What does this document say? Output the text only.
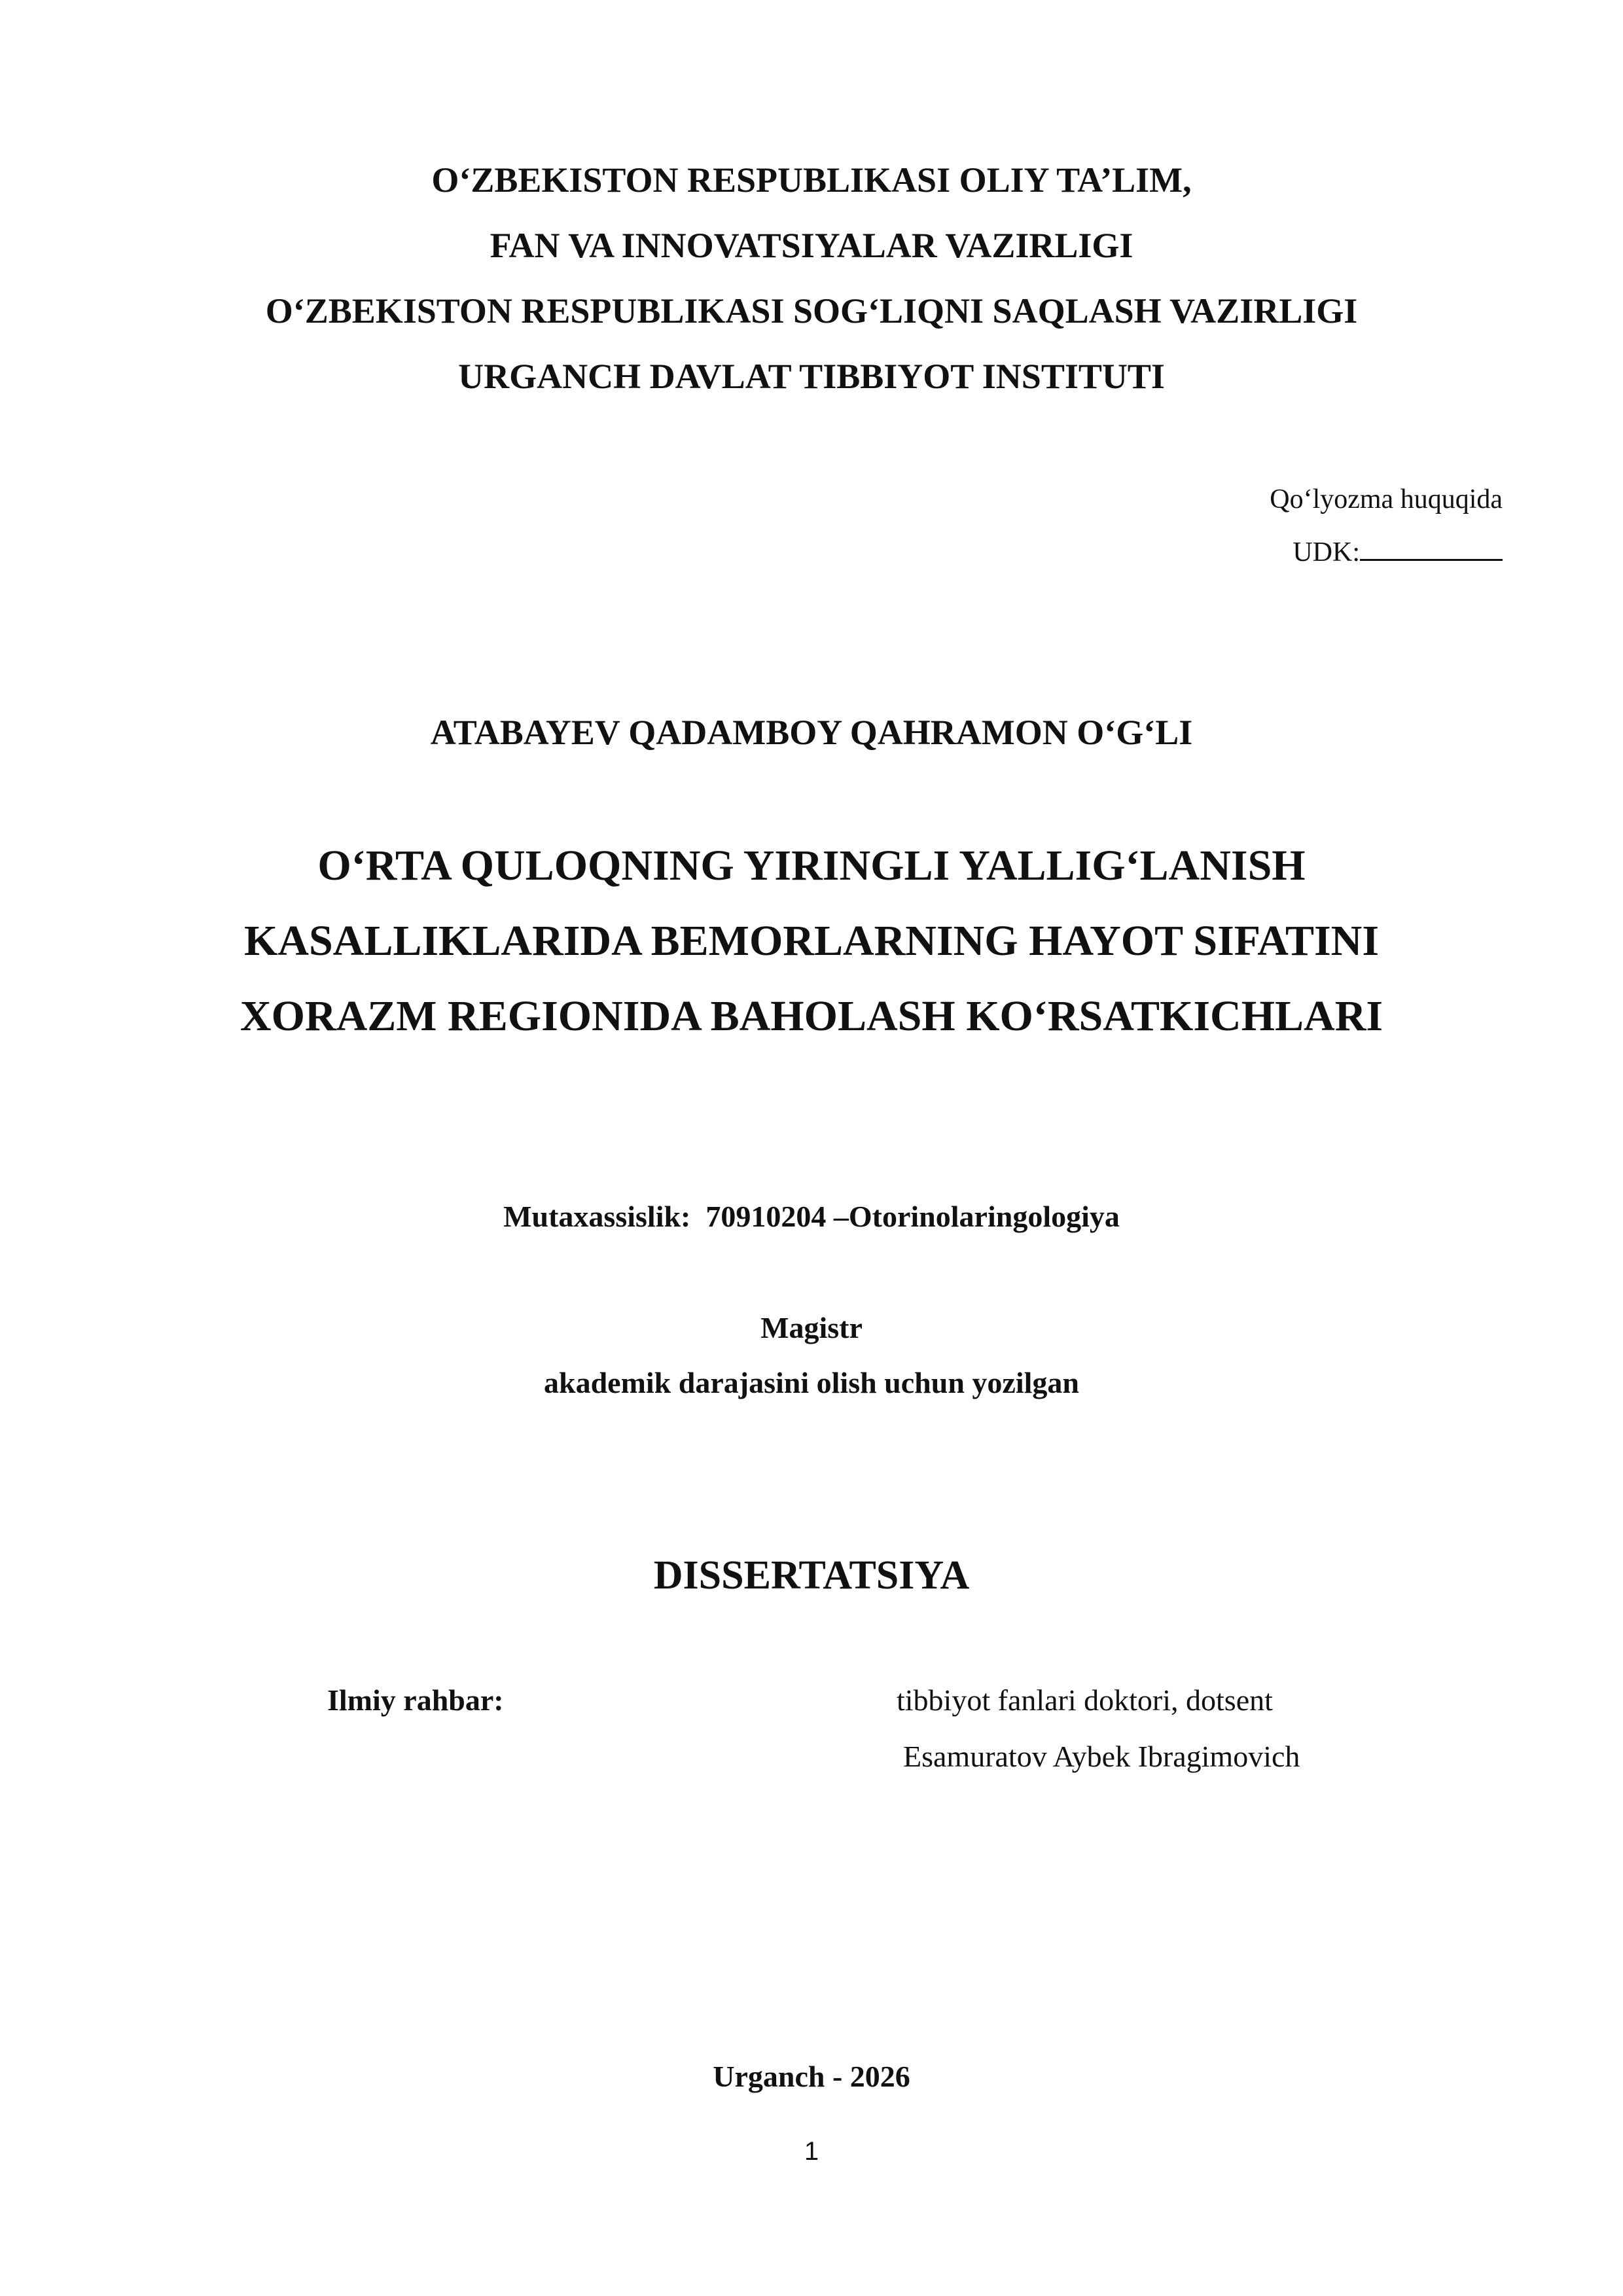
O‘ZBEKISTON RESPUBLIKASI OLIY TA’LIM,
FAN VA INNOVATSIYALAR VAZIRLIGI
O‘ZBEKISTON RESPUBLIKASI SOG‘LIQNI SAQLASH VAZIRLIGI
URGANCH DAVLAT TIBBIYOT INSTITUTI
Qo‘lyozma huquqida
UDK:
ATABAYEV QADAMBOY QAHRAMON O‘G‘LI
O‘RTA QULOQNING YIRINGLI YALLIG‘LANISH
KASALLIKLARIDA BEMORLARNING HAYOT SIFATINI
XORAZM REGIONIDA BAHOLASH KO‘RSATKICHLARI
Mutaxassislik:  70910204 –Otorinolaringologiya
Magistr
akademik darajasini olish uchun yozilgan
DISSERTATSIYA
Ilmiy rahbar:	tibbiyot fanlari doktori, dotsent
Esamuratov Aybek Ibragimovich
Urganch - 2026
1
